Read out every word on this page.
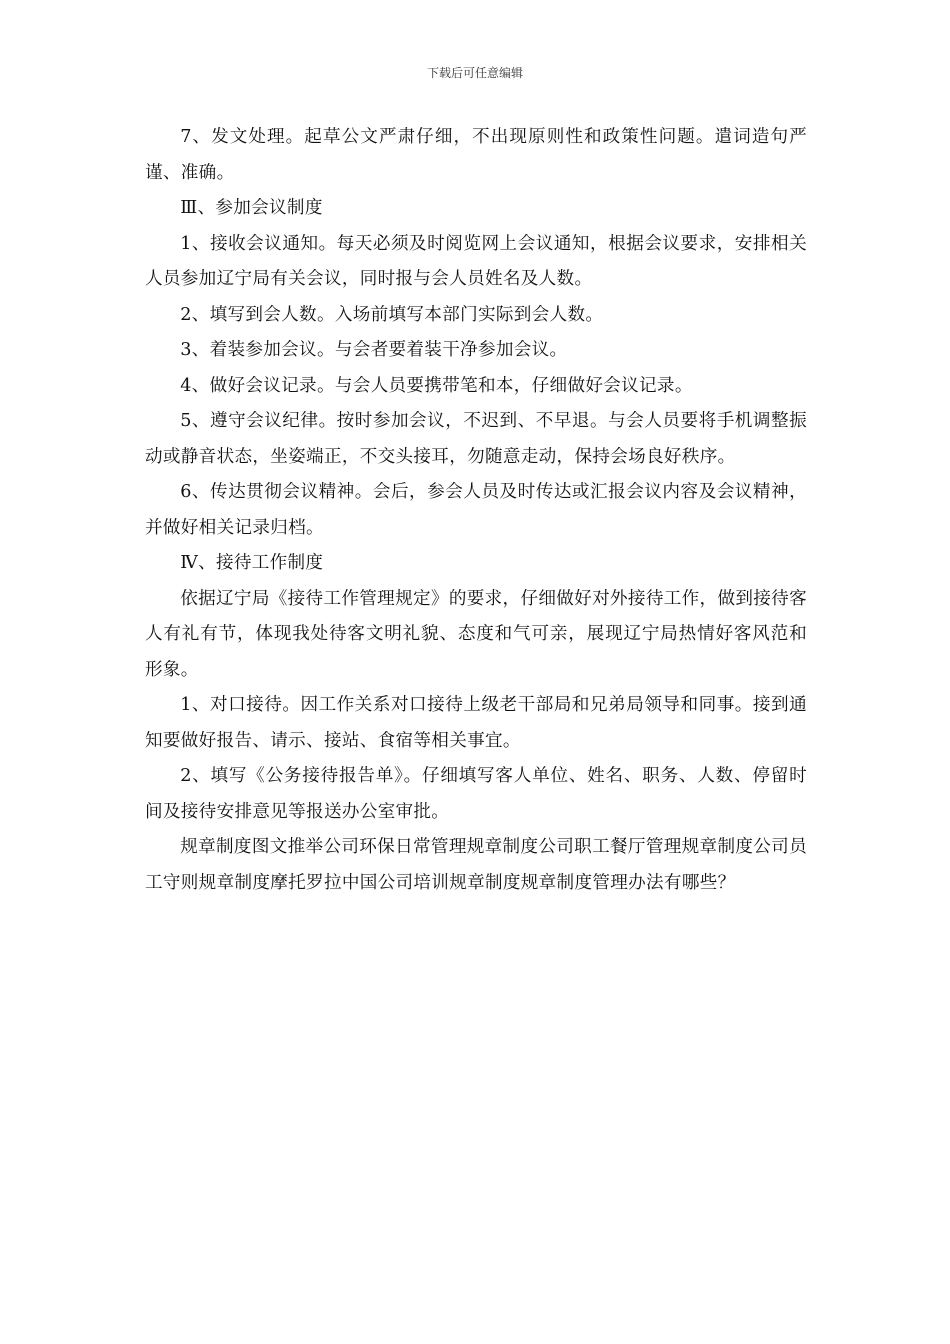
下载后可任意编辑

7、发文处理。起草公文严肃仔细，不出现原则性和政策性问题。遣词造句严谨、准确。

Ⅲ、参加会议制度

1、接收会议通知。每天必须及时阅览网上会议通知，根据会议要求，安排相关人员参加辽宁局有关会议，同时报与会人员姓名及人数。

2、填写到会人数。入场前填写本部门实际到会人数。

3、着装参加会议。与会者要着装干净参加会议。

4、做好会议记录。与会人员要携带笔和本，仔细做好会议记录。

5、遵守会议纪律。按时参加会议，不迟到、不早退。与会人员要将手机调整振动或静音状态，坐姿端正，不交头接耳，勿随意走动，保持会场良好秩序。

6、传达贯彻会议精神。会后，参会人员及时传达或汇报会议内容及会议精神，并做好相关记录归档。

Ⅳ、接待工作制度

依据辽宁局《接待工作管理规定》的要求，仔细做好对外接待工作，做到接待客人有礼有节，体现我处待客文明礼貌、态度和气可亲，展现辽宁局热情好客风范和形象。

1、对口接待。因工作关系对口接待上级老干部局和兄弟局领导和同事。接到通知要做好报告、请示、接站、食宿等相关事宜。

2、填写《公务接待报告单》。仔细填写客人单位、姓名、职务、人数、停留时间及接待安排意见等报送办公室审批。

规章制度图文推举公司环保日常管理规章制度公司职工餐厅管理规章制度公司员工守则规章制度摩托罗拉中国公司培训规章制度规章制度管理办法有哪些？
